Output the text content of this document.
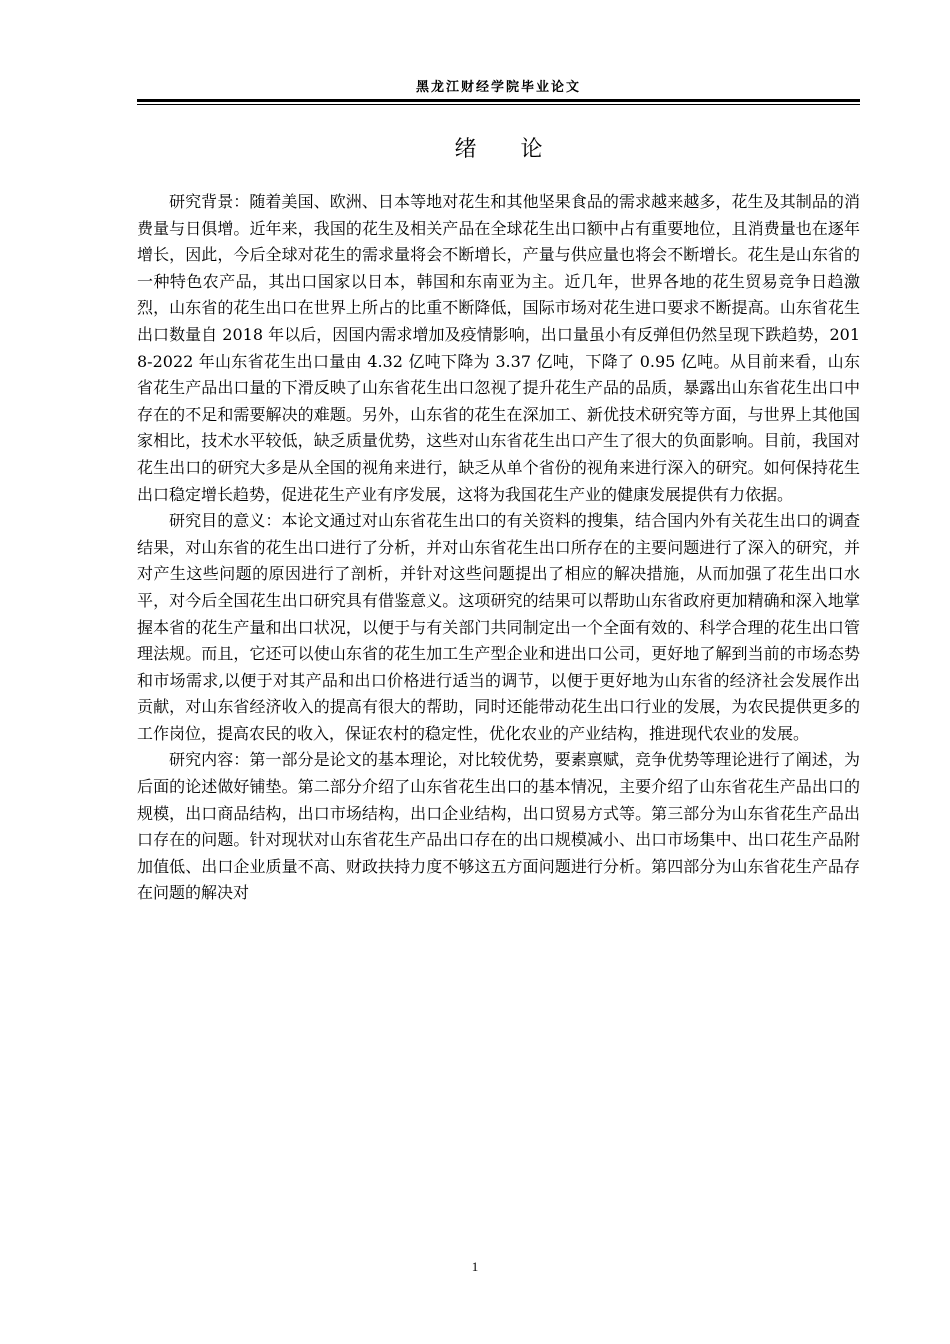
黑龙江财经学院毕业论文
绪 论

研究背景：随着美国、欧洲、日本等地对花生和其他坚果食品的需求越来越多，花生及其制品的消费量与日俱增。近年来，我国的花生及相关产品在全球花生出口额中占有重要地位，且消费量也在逐年增长，因此，今后全球对花生的需求量将会不断增长，产量与供应量也将会不断增长。花生是山东省的一种特色农产品，其出口国家以日本，韩国和东南亚为主。近几年，世界各地的花生贸易竞争日趋激烈，山东省的花生出口在世界上所占的比重不断降低，国际市场对花生进口要求不断提高。山东省花生出口数量自 2018 年以后，因国内需求增加及疫情影响，出口量虽小有反弹但仍然呈现下跌趋势，2018-2022 年山东省花生出口量由 4.32 亿吨下降为 3.37 亿吨，下降了 0.95 亿吨。从目前来看，山东省花生产品出口量的下滑反映了山东省花生出口忽视了提升花生产品的品质，暴露出山东省花生出口中存在的不足和需要解决的难题。另外，山东省的花生在深加工、新优技术研究等方面，与世界上其他国家相比，技术水平较低，缺乏质量优势，这些对山东省花生出口产生了很大的负面影响。目前，我国对花生出口的研究大多是从全国的视角来进行，缺乏从单个省份的视角来进行深入的研究。如何保持花生出口稳定增长趋势，促进花生产业有序发展，这将为我国花生产业的健康发展提供有力依据。

研究目的意义：本论文通过对山东省花生出口的有关资料的搜集，结合国内外有关花生出口的调查结果，对山东省的花生出口进行了分析，并对山东省花生出口所存在的主要问题进行了深入的研究，并对产生这些问题的原因进行了剖析，并针对这些问题提出了相应的解决措施，从而加强了花生出口水平，对今后全国花生出口研究具有借鉴意义。这项研究的结果可以帮助山东省政府更加精确和深入地掌握本省的花生产量和出口状况，以便于与有关部门共同制定出一个全面有效的、科学合理的花生出口管理法规。而且，它还可以使山东省的花生加工生产型企业和进出口公司，更好地了解到当前的市场态势和市场需求,以便于对其产品和出口价格进行适当的调节，以便于更好地为山东省的经济社会发展作出贡献，对山东省经济收入的提高有很大的帮助，同时还能带动花生出口行业的发展，为农民提供更多的工作岗位，提高农民的收入，保证农村的稳定性，优化农业的产业结构，推进现代农业的发展。

研究内容：第一部分是论文的基本理论，对比较优势，要素禀赋，竞争优势等理论进行了阐述，为后面的论述做好铺垫。第二部分介绍了山东省花生出口的基本情况，主要介绍了山东省花生产品出口的规模，出口商品结构，出口市场结构，出口企业结构，出口贸易方式等。第三部分为山东省花生产品出口存在的问题。针对现状对山东省花生产品出口存在的出口规模减小、出口市场集中、出口花生产品附加值低、出口企业质量不高、财政扶持力度不够这五方面问题进行分析。第四部分为山东省花生产品存在问题的解决对

1
